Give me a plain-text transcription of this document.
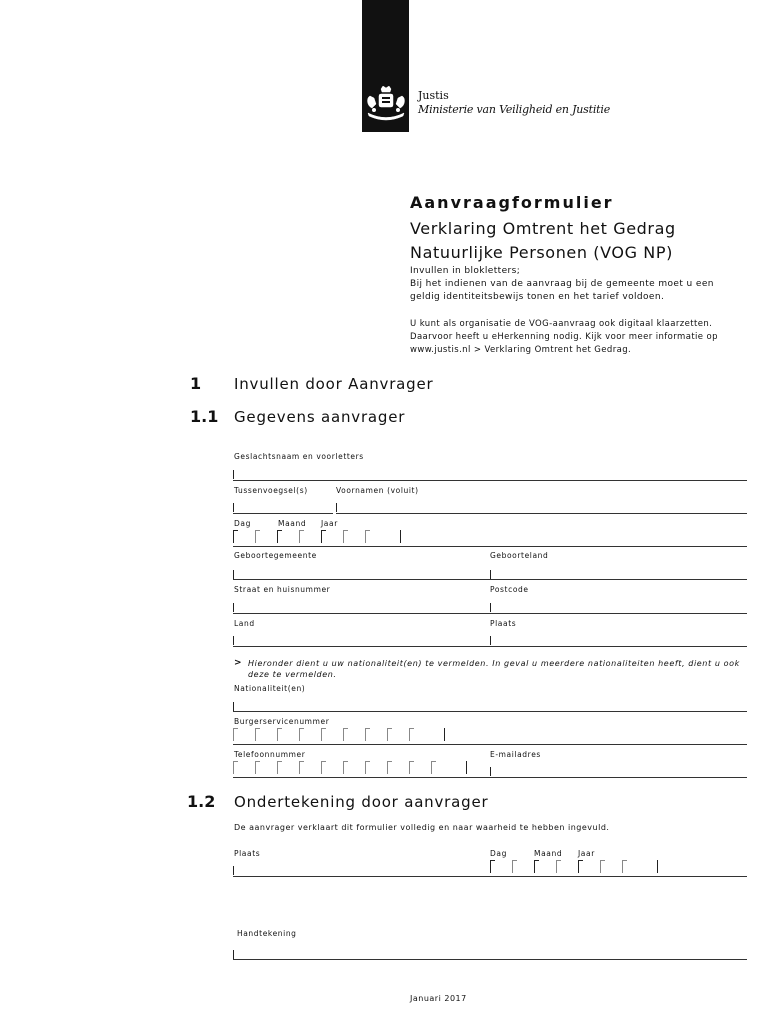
Justis
Ministerie van Veiligheid en Justitie
Aanvraagformulier
Verklaring Omtrent het Gedrag
Natuurlijke Personen (VOG NP)
Invullen in blokletters;
Bij het indienen van de aanvraag bij de gemeente moet u een
geldig identiteitsbewijs tonen en het tarief voldoen.
U kunt als organisatie de VOG-aanvraag ook digitaal klaarzetten.
Daarvoor heeft u eHerkenning nodig. Kijk voor meer informatie op
www.justis.nl > Verklaring Omtrent het Gedrag.
1 Invullen door Aanvrager
1.1 Gegevens aanvrager
Geslachtsnaam en voorletters
Tussenvoegsel(s)	Voornamen (voluit)
Dag	Maand Jaar
Geboortegemeente	Geboorteland
Straat en huisnummer	Postcode
Land	Plaats
> Hieronder dient u uw nationaliteit(en) te vermelden. In geval u meerdere nationaliteiten heeft, dient u ook
deze te vermelden.
Nationaliteit(en)
Burgerservicenummer
Telefoonnummer	E-mailadres
1.2 Ondertekening door aanvrager
De aanvrager verklaart dit formulier volledig en naar waarheid te hebben ingevuld.
Plaats	Dag	Maand Jaar
Handtekening
Januari 2017
